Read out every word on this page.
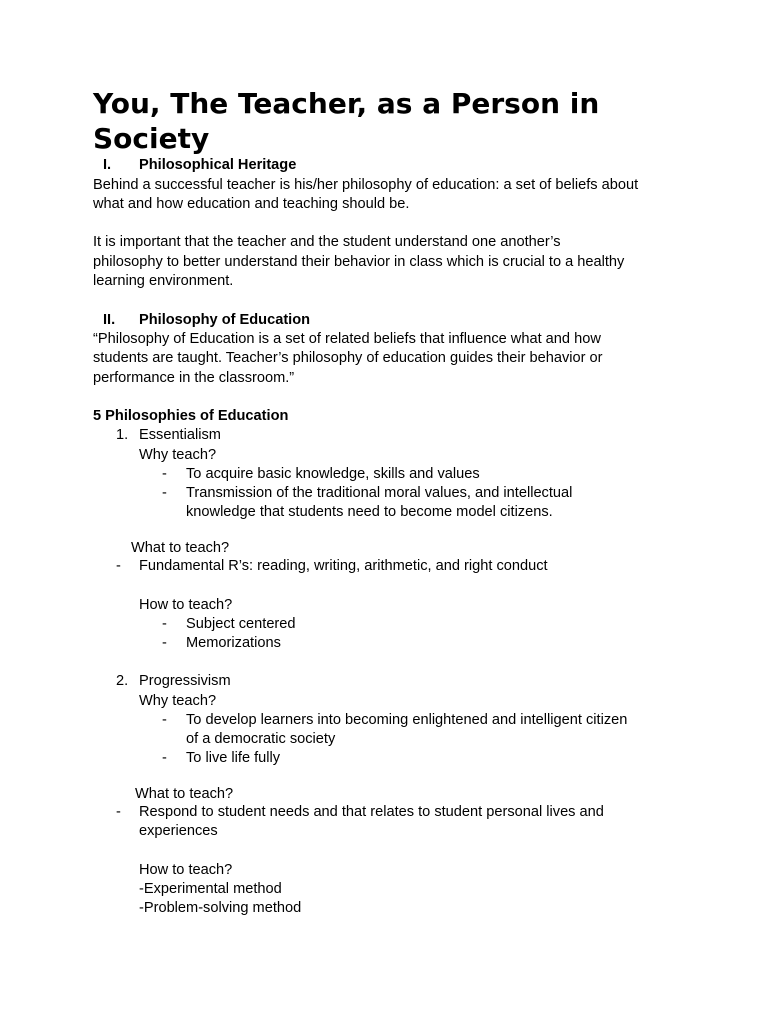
You, The Teacher, as a Person in
Society
I. Philosophical Heritage
Behind a successful teacher is his/her philosophy of education: a set of beliefs about
what and how education and teaching should be.
It is important that the teacher and the student understand one another’s
philosophy to better understand their behavior in class which is crucial to a healthy
learning environment.
II. Philosophy of Education
“Philosophy of Education is a set of related beliefs that influence what and how
students are taught. Teacher’s philosophy of education guides their behavior or
performance in the classroom.”
5 Philosophies of Education
1. Essentialism
Why teach?
- To acquire basic knowledge, skills and values
- Transmission of the traditional moral values, and intellectual
knowledge that students need to become model citizens.
What to teach?
- Fundamental R’s: reading, writing, arithmetic, and right conduct
How to teach?
- Subject centered
- Memorizations
2. Progressivism
Why teach?
- To develop learners into becoming enlightened and intelligent citizen
of a democratic society
- To live life fully
What to teach?
- Respond to student needs and that relates to student personal lives and
experiences
How to teach?
-Experimental method
-Problem-solving method
